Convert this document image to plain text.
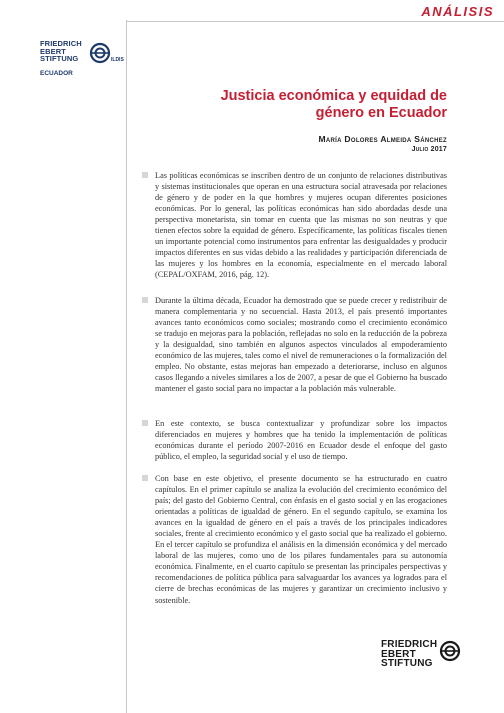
ANÁLISIS
FRIEDRICH
EBERT
STIFTUNG	ILDIS
ECUADOR
Justicia económica y equidad de
género en Ecuador
María Dolores Almeida Sánchez
Julio 2017

Las políticas económicas se inscriben dentro de un conjunto de relaciones distributivas y sistemas institucionales que operan en una estructura social atravesada por relaciones de género y de poder en la que hombres y mujeres ocupan diferentes posiciones económicas. Por lo general, las políticas económicas han sido abordadas desde una perspectiva monetarista, sin tomar en cuenta que las mismas no son neutras y que tienen efectos sobre la equidad de género. Específicamente, las políticas fiscales tienen un importante potencial como instrumentos para enfrentar las desigualdades y producir impactos diferentes en sus vidas debido a las realidades y participación diferenciada de las mujeres y los hombres en la economía, especialmente en el mercado laboral (CEPAL/OXFAM, 2016, pág. 12).

Durante la última década, Ecuador ha demostrado que se puede crecer y redistribuir de manera complementaria y no secuencial. Hasta 2013, el país presentó importantes avances tanto económicos como sociales; mostrando como el crecimiento económico se tradujo en mejoras para la población, reflejadas no solo en la reducción de la pobreza y la desigualdad, sino también en algunos aspectos vinculados al empoderamiento económico de las mujeres, tales como el nivel de remuneraciones o la formalización del empleo. No obstante, estas mejoras han empezado a deteriorarse, incluso en algunos casos llegando a niveles similares a los de 2007, a pesar de que el Gobierno ha buscado mantener el gasto social para no impactar a la población más vulnerable.

En este contexto, se busca contextualizar y profundizar sobre los impactos diferenciados en mujeres y hombres que ha tenido la implementación de políticas económicas durante el período 2007-2016 en Ecuador desde el enfoque del gasto público, el empleo, la seguridad social y el uso de tiempo.

Con base en este objetivo, el presente documento se ha estructurado en cuatro capítulos. En el primer capítulo se analiza la evolución del crecimiento económico del país; del gasto del Gobierno Central, con énfasis en el gasto social y en las erogaciones orientadas a políticas de igualdad de género. En el segundo capítulo, se examina los avances en la igualdad de género en el país a través de los principales indicadores sociales, frente al crecimiento económico y el gasto social que ha realizado el gobierno. En el tercer capítulo se profundiza el análisis en la dimensión económica y del mercado laboral de las mujeres, como uno de los pilares fundamentales para su autonomía económica. Finalmente, en el cuarto capítulo se presentan las principales perspectivas y recomendaciones de política pública para salvaguardar los avances ya logrados para el cierre de brechas económicas de las mujeres y garantizar un crecimiento inclusivo y sostenible.

FRIEDRICH
EBERT
STIFTUNG
